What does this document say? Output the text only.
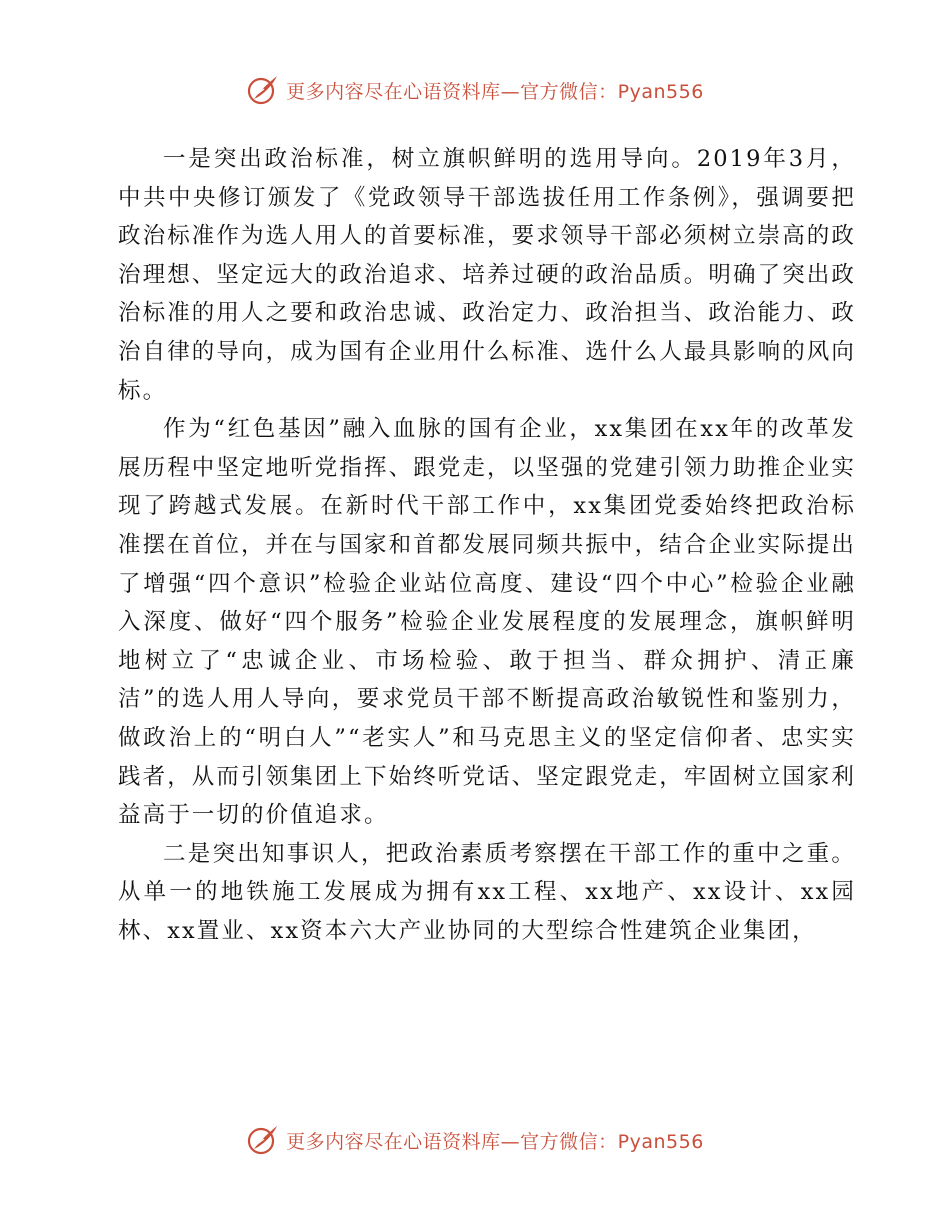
更多内容尽在心语资料库—官方微信：Pyan556

一是突出政治标准，树立旗帜鲜明的选用导向。2019年3月，中共中央修订颁发了《党政领导干部选拔任用工作条例》，强调要把政治标准作为选人用人的首要标准，要求领导干部必须树立崇高的政治理想、坚定远大的政治追求、培养过硬的政治品质。明确了突出政治标准的用人之要和政治忠诚、政治定力、政治担当、政治能力、政治自律的导向，成为国有企业用什么标准、选什么人最具影响的风向标。

作为“红色基因”融入血脉的国有企业，xx集团在xx年的改革发展历程中坚定地听党指挥、跟党走，以坚强的党建引领力助推企业实现了跨越式发展。在新时代干部工作中，xx集团党委始终把政治标准摆在首位，并在与国家和首都发展同频共振中，结合企业实际提出了增强“四个意识”检验企业站位高度、建设“四个中心”检验企业融入深度、做好“四个服务”检验企业发展程度的发展理念，旗帜鲜明地树立了“忠诚企业、市场检验、敢于担当、群众拥护、清正廉洁”的选人用人导向，要求党员干部不断提高政治敏锐性和鉴别力，做政治上的“明白人”“老实人”和马克思主义的坚定信仰者、忠实实践者，从而引领集团上下始终听党话、坚定跟党走，牢固树立国家利益高于一切的价值追求。

二是突出知事识人，把政治素质考察摆在干部工作的重中之重。从单一的地铁施工发展成为拥有xx工程、xx地产、xx设计、xx园林、xx置业、xx资本六大产业协同的大型综合性建筑企业集团，

更多内容尽在心语资料库—官方微信：Pyan556
